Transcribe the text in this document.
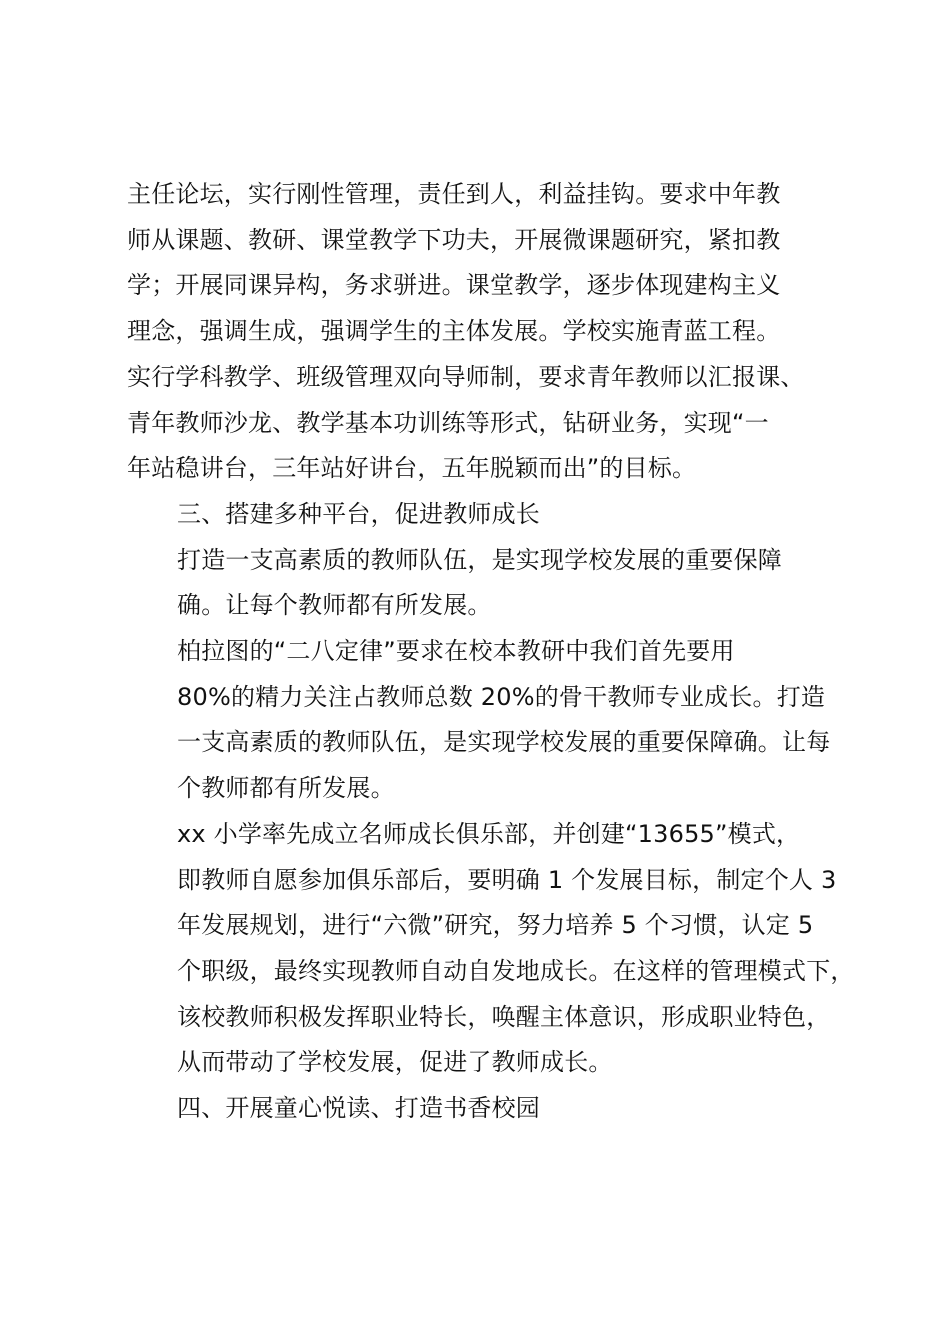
主任论坛，实行刚性管理，责任到人，利益挂钩。要求中年教
师从课题、教研、课堂教学下功夫，开展微课题研究，紧扣教
学；开展同课异构，务求骈进。课堂教学，逐步体现建构主义
理念，强调生成，强调学生的主体发展。学校实施青蓝工程。
实行学科教学、班级管理双向导师制，要求青年教师以汇报课、
青年教师沙龙、教学基本功训练等形式，钻研业务，实现“一
年站稳讲台，三年站好讲台，五年脱颖而出”的目标。

三、搭建多种平台，促进教师成长

打造一支高素质的教师队伍，是实现学校发展的重要保障
确。让每个教师都有所发展。

柏拉图的“二八定律”要求在校本教研中我们首先要用
80%的精力关注占教师总数 20%的骨干教师专业成长。打造
一支高素质的教师队伍，是实现学校发展的重要保障确。让每
个教师都有所发展。

xx 小学率先成立名师成长俱乐部，并创建“13655”模式，
即教师自愿参加俱乐部后，要明确 1 个发展目标，制定个人 3
年发展规划，进行“六微”研究，努力培养 5 个习惯，认定 5
个职级，最终实现教师自动自发地成长。在这样的管理模式下，
该校教师积极发挥职业特长，唤醒主体意识，形成职业特色，
从而带动了学校发展，促进了教师成长。

四、开展童心悦读、打造书香校园
